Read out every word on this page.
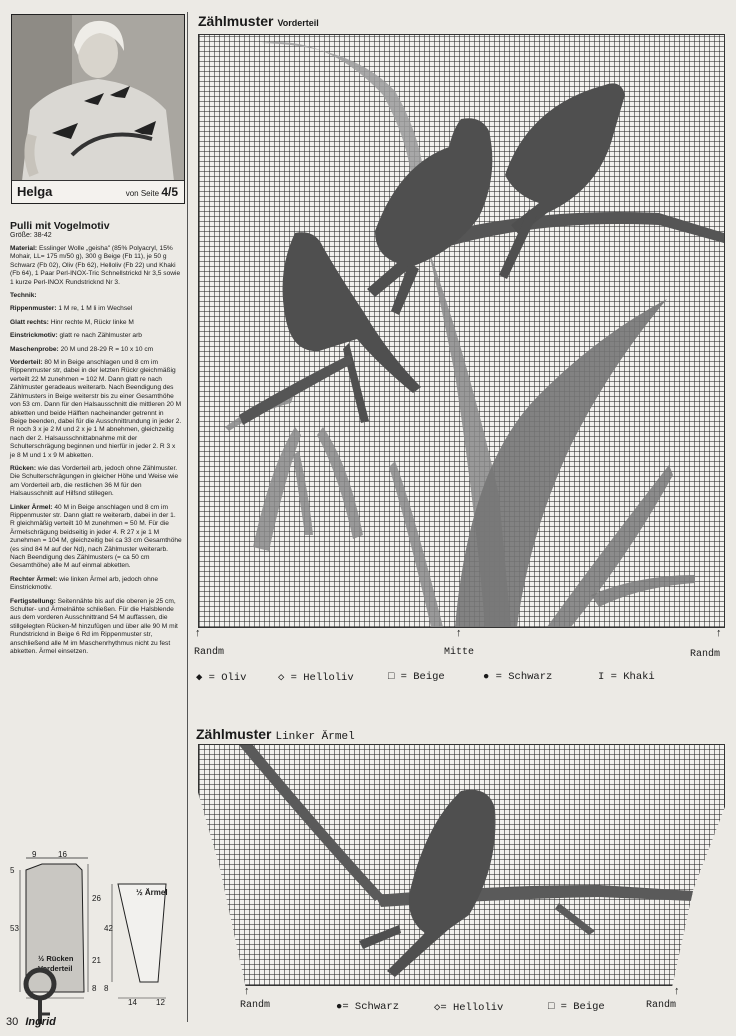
Helga	von Seite 4/5
Pulli mit Vogelmotiv
Größe: 38-42

Material: Esslinger Wolle „geisha" (85% Polyacryl, 15% Mohair, LL= 175 m/50 g), 300 g Beige (Fb 11), je 50 g Schwarz (Fb 02), Oliv (Fb 62), Helloliv (Fb 22) und Khaki (Fb 64), 1 Paar Perl-INOX-Tric Schnellstrickd Nr 3,5 sowie 1 kurze Perl-INOX Rundstricknd Nr 3.

Technik:

Rippenmuster: 1 M re, 1 M li im Wechsel

Glatt rechts: Hinr rechte M, Rückr linke M

Einstrickmotiv: glatt re nach Zählmuster arb

Maschenprobe: 20 M und 28-29 R = 10 x 10 cm

Vorderteil: 80 M in Beige anschlagen und 8 cm im Rippenmuster str, dabei in der letzten Rückr gleichmäßig verteilt 22 M zunehmen = 102 M. Dann glatt re nach Zählmuster geradeaus weiterarb. Nach Beendigung des Zählmusters in Beige weiterstr bis zu einer Gesamthöhe von 53 cm. Dann für den Halsausschnitt die mittleren 20 M abketten und beide Hälften nacheinander getrennt in Beige beenden, dabei für die Ausschnittrundung in jeder 2. R noch 3 x je 2 M und 2 x je 1 M abnehmen, gleichzeitig nach der 2. Halsausschnittabnahme mit der Schulterschrägung beginnen und hierfür in jeder 2. R 3 x je 8 M und 1 x 9 M abketten.

Rücken: wie das Vorderteil arb, jedoch ohne Zählmuster. Die Schulterschrägungen in gleicher Höhe und Weise wie am Vorderteil arb, die restlichen 36 M für den Halsausschnitt auf Hilfsnd stillegen.

Linker Ärmel: 40 M in Beige anschlagen und 8 cm im Rippenmuster str. Dann glatt re weiterarb, dabei in der 1. R gleichmäßig verteilt 10 M zunehmen = 50 M. Für die Ärmelschrägung beidseitig in jeder 4. R 27 x je 1 M zunehmen = 104 M, gleichzeitig bei ca 33 cm Gesamthöhe (es sind 84 M auf der Nd), nach Zählmuster weiterarb. Nach Beendigung des Zählmusters (= ca 50 cm Gesamthöhe) alle M auf einmal abketten.

Rechter Ärmel: wie linken Ärmel arb, jedoch ohne Einstrickmotiv.

Fertigstellung: Seitennähte bis auf die oberen je 25 cm, Schulter- und Ärmelnähte schließen. Für die Halsblende aus dem vorderen Ausschnittrand 54 M auffassen, die stillgelegten Rücken-M hinzufügen und über alle 90 M mit Rundstricknd in Beige 6 Rd im Rippenmuster str, anschließend alle M im Maschenrhythmus nicht zu fest abketten. Ärmel einsetzen.

9	16
5
26
53
21
8
½ Rücken
Vorderteil
½ Ärmel
42
8
14 12
30 Ingrid
Zählmuster Vorderteil
↑	↑	↑
Randm	Mitte	Randm
◆ = Oliv	◇ = Helloliv	□ = Beige	● = Schwarz	I = Khaki
Zählmuster Linker Ärmel
↑	↑
Randm	Randm
●= Schwarz	◇= Helloliv	□ = Beige
